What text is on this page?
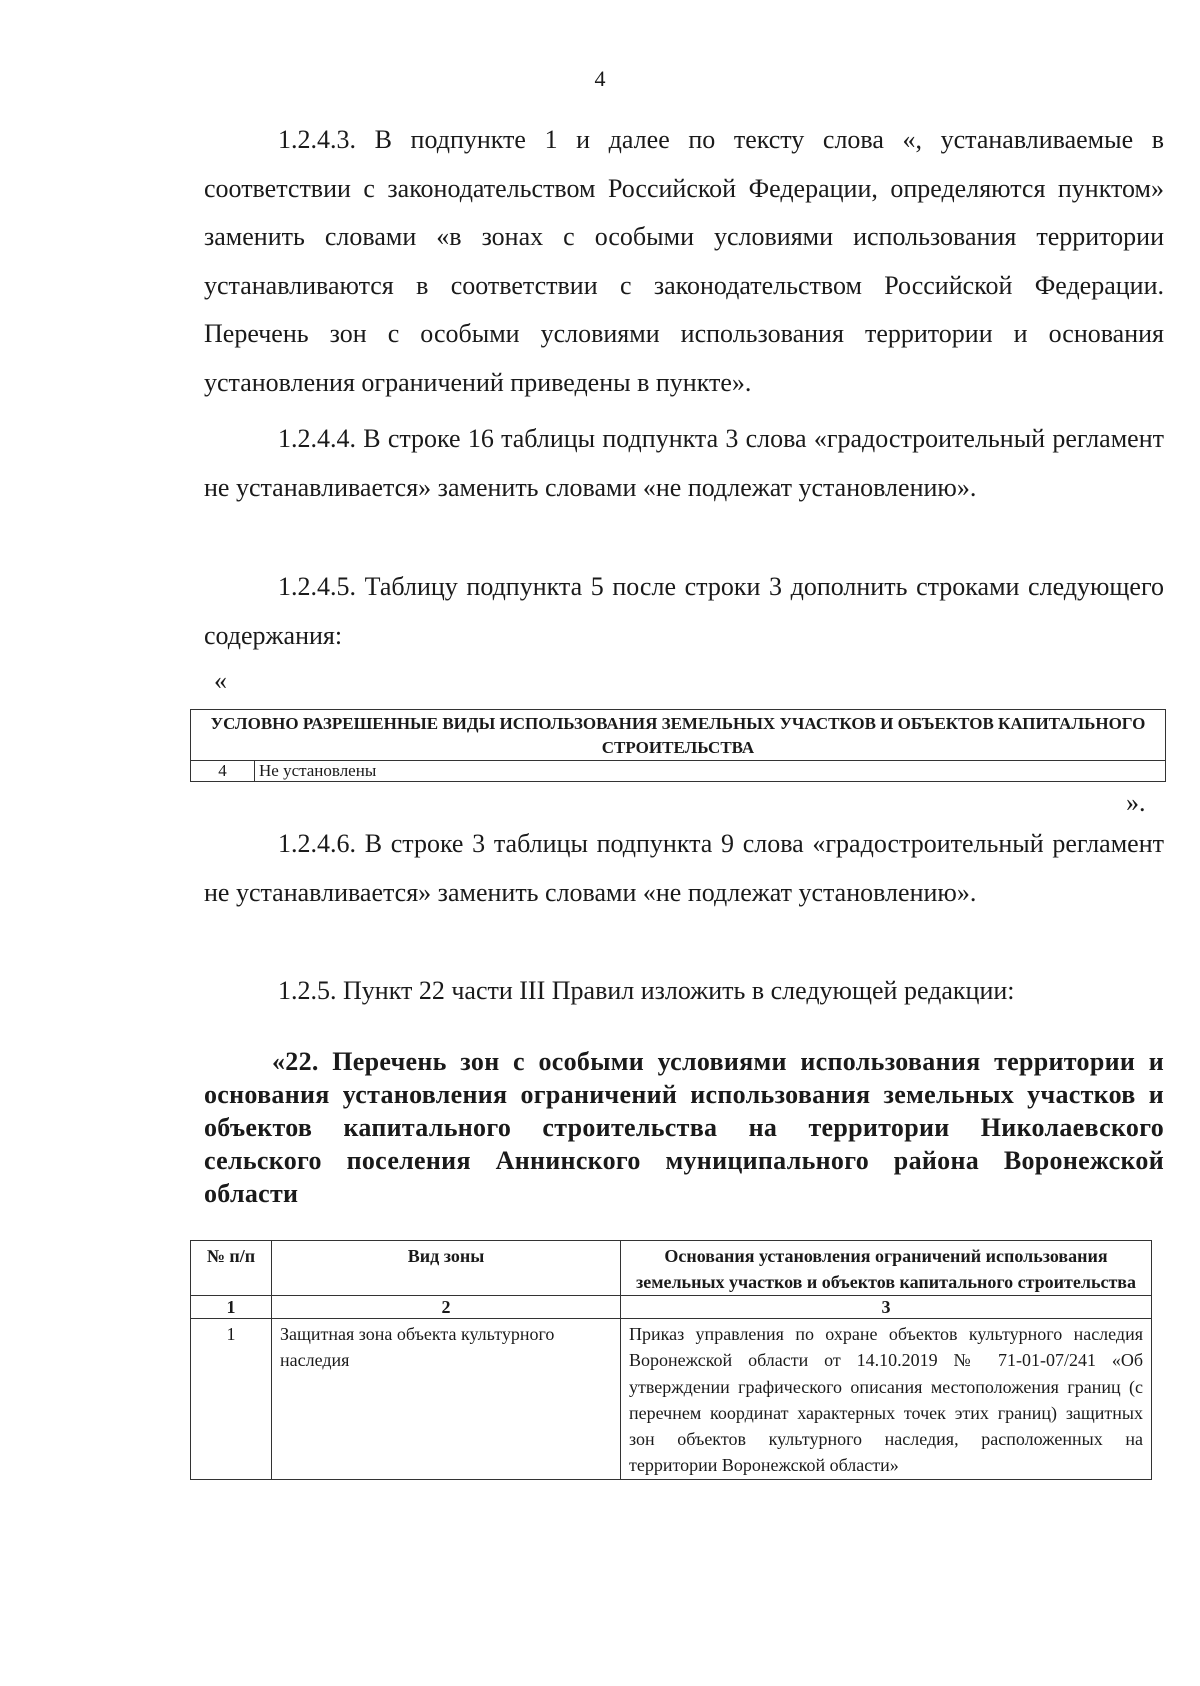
4

1.2.4.3. В подпункте 1 и далее по тексту слова «, устанавливаемые в соответствии с законодательством Российской Федерации, определяются пунктом» заменить словами «в зонах с особыми условиями использования территории устанавливаются в соответствии с законодательством Российской Федерации. Перечень зон с особыми условиями использования территории и основания установления ограничений приведены в пункте».

1.2.4.4. В строке 16 таблицы подпункта 3 слова «градостроительный регламент не устанавливается» заменить словами «не подлежат установлению».

1.2.4.5. Таблицу подпункта 5 после строки 3 дополнить строками следующего содержания:

«
УСЛОВНО РАЗРЕШЕННЫЕ ВИДЫ ИСПОЛЬЗОВАНИЯ ЗЕМЕЛЬНЫХ УЧАСТКОВ И ОБЪЕКТОВ КАПИТАЛЬНОГО СТРОИТЕЛЬСТВА
4	Не установлены
».

1.2.4.6. В строке 3 таблицы подпункта 9 слова «градостроительный регламент не устанавливается» заменить словами «не подлежат установлению».

1.2.5. Пункт 22 части III Правил изложить в следующей редакции:

«22. Перечень зон с особыми условиями использования территории и основания установления ограничений использования земельных участков и объектов капитального строительства на территории Николаевского сельского поселения Аннинского муниципального района Воронежской области

№ п/п	Вид зоны	Основания установления ограничений использования земельных участков и объектов капитального строительства
1	2	3
1	Защитная зона объекта культурного наследия	Приказ управления по охране объектов культурного наследия Воронежской области от 14.10.2019 № 71-01-07/241 «Об утверждении графического описания местоположения границ (с перечнем координат характерных точек этих границ) защитных зон объектов культурного наследия, расположенных на территории Воронежской области»
